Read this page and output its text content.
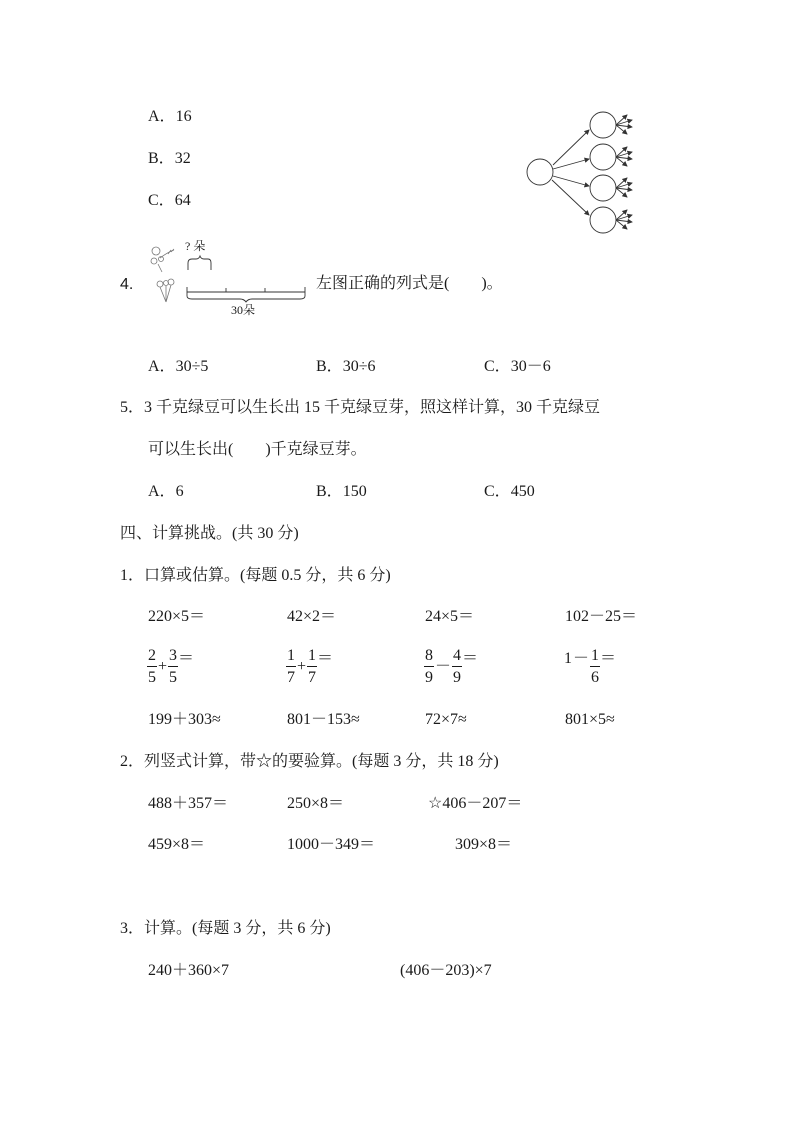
A．16
B．32
C．64
4.
? 朵
30朵
左图正确的列式是(　　)。
A．30÷5	B．30÷6	C．30－6
5．3 千克绿豆可以生长出 15 千克绿豆芽，照这样计算，30 千克绿豆
可以生长出(　　)千克绿豆芽。
A．6	B．150	C．450
四、计算挑战。(共 30 分)
1．口算或估算。(每题 0.5 分，共 6 分)
220×5＝	42×2＝	24×5＝	102－25＝
$\frac{2}{5} + \frac{3}{5}$ ＝	$\frac{1}{7} + \frac{1}{7}$ ＝	$\frac{8}{9} - \frac{4}{9}$ ＝	$1 - \frac{1}{6}$ ＝
199＋303≈	801－153≈	72×7≈	801×5≈
2．列竖式计算，带☆的要验算。(每题 3 分，共 18 分)
488＋357＝	250×8＝	☆406－207＝
459×8＝	1000－349＝	309×8＝
3．计算。(每题 3 分，共 6 分)
240＋360×7	(406－203)×7
